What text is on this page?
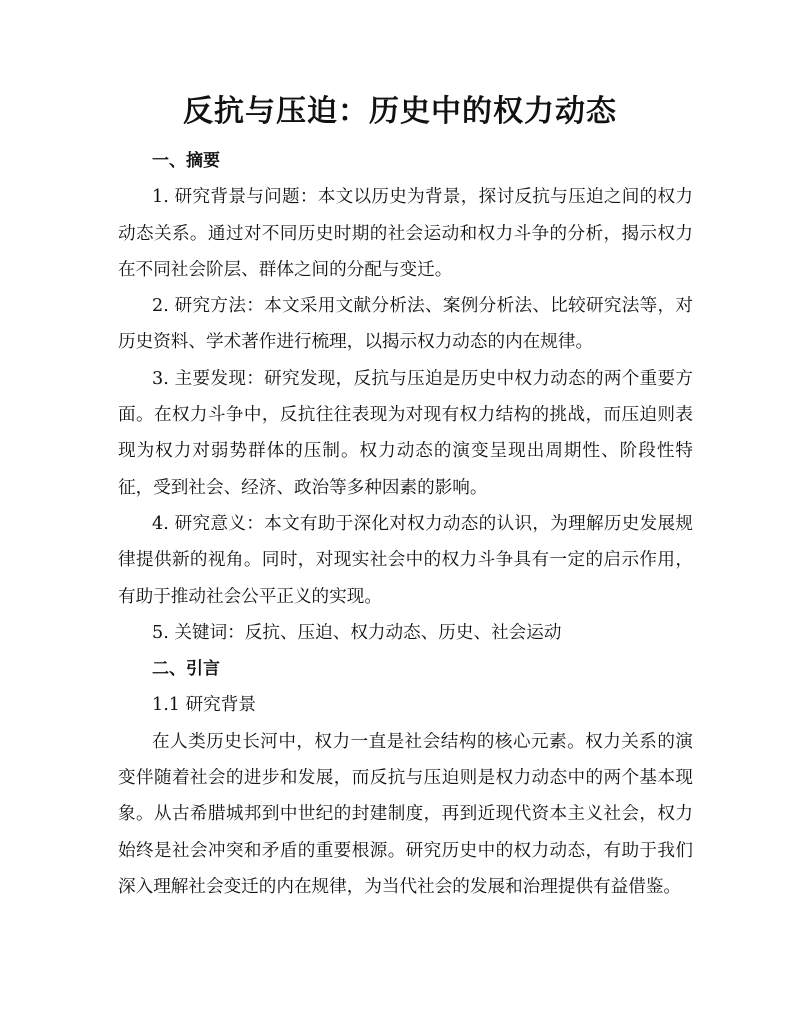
反抗与压迫：历史中的权力动态

一、摘要

1. 研究背景与问题：本文以历史为背景，探讨反抗与压迫之间的权力动态关系。通过对不同历史时期的社会运动和权力斗争的分析，揭示权力在不同社会阶层、群体之间的分配与变迁。

2. 研究方法：本文采用文献分析法、案例分析法、比较研究法等，对历史资料、学术著作进行梳理，以揭示权力动态的内在规律。

3. 主要发现：研究发现，反抗与压迫是历史中权力动态的两个重要方面。在权力斗争中，反抗往往表现为对现有权力结构的挑战，而压迫则表现为权力对弱势群体的压制。权力动态的演变呈现出周期性、阶段性特征，受到社会、经济、政治等多种因素的影响。

4. 研究意义：本文有助于深化对权力动态的认识，为理解历史发展规律提供新的视角。同时，对现实社会中的权力斗争具有一定的启示作用，有助于推动社会公平正义的实现。

5. 关键词：反抗、压迫、权力动态、历史、社会运动

二、引言

1.1 研究背景

在人类历史长河中，权力一直是社会结构的核心元素。权力关系的演变伴随着社会的进步和发展，而反抗与压迫则是权力动态中的两个基本现象。从古希腊城邦到中世纪的封建制度，再到近现代资本主义社会，权力始终是社会冲突和矛盾的重要根源。研究历史中的权力动态，有助于我们深入理解社会变迁的内在规律，为当代社会的发展和治理提供有益借鉴。
